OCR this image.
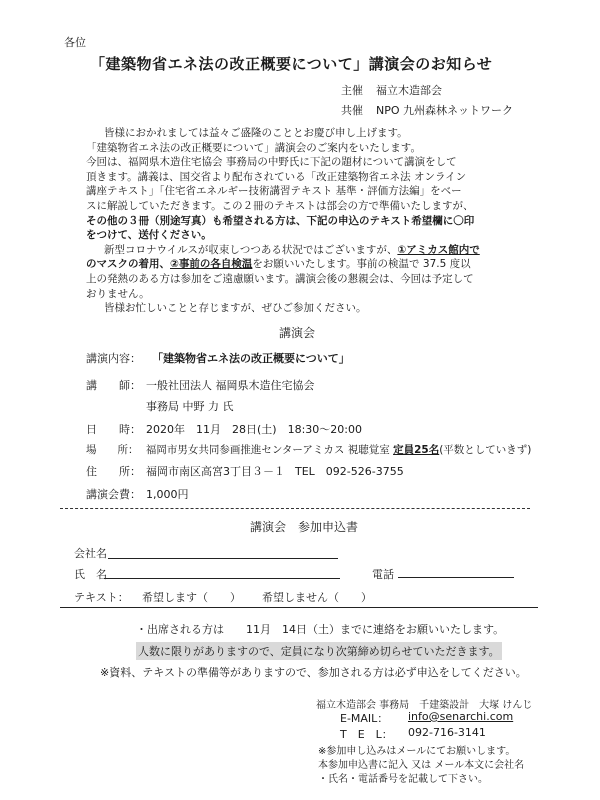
各位
「建築物省エネ法の改正概要について」講演会のお知らせ
主催 福立木造部会
共催 NPO 九州森林ネットワーク
皆様におかれましては益々ご盛隆のこととお慶び申し上げます。
「建築物省エネ法の改正概要について」講演会のご案内をいたします。
今回は、福岡県木造住宅協会 事務局の中野氏に下記の題材について講演をして
頂きます。講義は、国交省より配布されている「改正建築物省エネ法 オンライン
講座テキスト」「住宅省エネルギー技術講習テキスト 基準・評価方法編」をベー
スに解説していただきます。この２冊のテキストは部会の方で準備いたしますが、
その他の３冊（別途写真）も希望される方は、下記の申込のテキスト希望欄に〇印
をつけて、送付ください。
新型コロナウイルスが収束しつつある状況ではございますが、①アミカス館内で
のマスクの着用、②事前の各自検温をお願いいたします。事前の検温で 37.5 度以
上の発熱のある方は参加をご遠慮願います。講演会後の懇親会は、今回は予定して
おりません。
皆様お忙しいことと存じますが、ぜひご参加ください。
講演会
講演内容： 「建築物省エネ法の改正概要について」
講　　師： 一般社団法人 福岡県木造住宅協会
事務局 中野 力 氏
日　　時： 2020年　11月　28日(土)　18:30～20:00
場　　所： 福岡市男女共同参画推進センターアミカス 視聴覚室 定員25名(平数としていきず)
住　　所： 福岡市南区高宮3丁目３－１ TEL　092-526-3755
講演会費： 1,000円
講演会　参加申込書
会社名
氏　名	電話
テキスト： 希望します（　　） 希望しません（　　）
・出席される方は　　11月　14日（土）までに連絡をお願いいたします。
人数に限りがありますので、定員になり次第締め切らせていただきます。
※資料、テキストの準備等がありますので、参加される方は必ず申込をしてください。
福立木造部会 事務局　千建築設計　大塚 けんじ
E-MAIL： info@senarchi.com
T　E　L： 092-716-3141
※参加申し込みはメールにてお願いします。
本参加申込書に記入 又は メール本文に会社名
・氏名・電話番号を記載して下さい。
